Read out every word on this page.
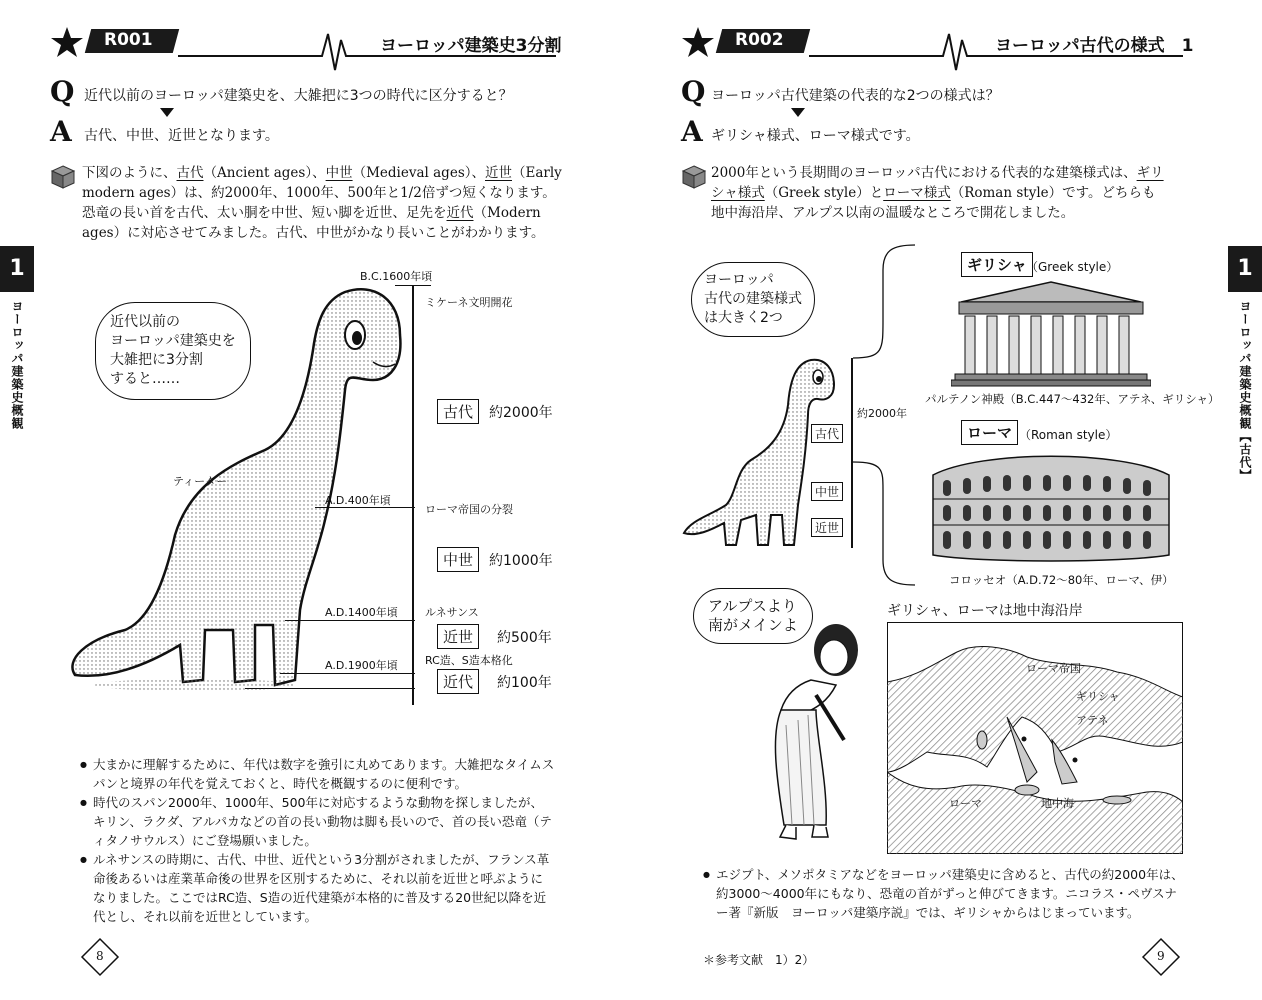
R001	ヨーロッパ建築史3分割
Q 近代以前のヨーロッパ建築史を、大雑把に3つの時代に区分すると？
A 古代、中世、近世となります。
下図のように、古代（Ancient ages）、中世（Medieval ages）、近世（Early
modern ages）は、約2000年、1000年、500年と1/2倍ずつ短くなります。
恐竜の長い首を古代、太い胴を中世、短い脚を近世、足先を近代（Modern
ages）に対応させてみました。古代、中世がかなり長いことがわかります。
近代以前の
ヨーロッパ建築史を
大雑把に3分割
すると……
ティーター
B.C.1600年頃
ミケーネ文明開花
古代	約2000年
A.D.400年頃
ローマ帝国の分裂
中世	約1000年
A.D.1400年頃 ルネサンス
近世	約500年
A.D.1900年頃 RC造、S造本格化
近代	約100年
● 大まかに理解するために、年代は数字を強引に丸めてあります。大雑把なタイムスパンと境界の年代を覚えておくと、時代を概観するのに便利です。
● 時代のスパン2000年、1000年、500年に対応するような動物を探しましたが、キリン、ラクダ、アルパカなどの首の長い動物は脚も長いので、首の長い恐竜（ティタノサウルス）にご登場願いました。
● ルネサンスの時期に、古代、中世、近代という3分割がされましたが、フランス革命後あるいは産業革命後の世界を区別するために、それ以前を近世と呼ぶようになりました。ここではRC造、S造の近代建築が本格的に普及する20世紀以降を近代とし、それ以前を近世としています。
8
1
ヨーロッパ建築史概観
R002	ヨーロッパ古代の様式　1
Q ヨーロッパ古代建築の代表的な2つの様式は？
A ギリシャ様式、ローマ様式です。
2000年という長期間のヨーロッパ古代における代表的な建築様式は、ギリ
シャ様式（Greek style）とローマ様式（Roman style）です。どちらも
地中海沿岸、アルプス以南の温暖なところで開花しました。
ヨーロッパ
古代の建築様式
は大きく2つ
古代
約2000年
中世
近世
ギリシャ （Greek style）
パルテノン神殿（B.C.447～432年、アテネ、ギリシャ）
ローマ （Roman style）
コロッセオ（A.D.72～80年、ローマ、伊）
アルプスより
南がメインよ
ギリシャ、ローマは地中海沿岸
ローマ帝国
ギリシャ
アテネ
ローマ	地中海
● エジプト、メソポタミアなどをヨーロッパ建築史に含めると、古代の約2000年は、約3000～4000年にもなり、恐竜の首がずっと伸びてきます。ニコラス・ペヴスナー著『新版　ヨーロッパ建築序説』では、ギリシャからはじまっています。
＊参考文献　1）2）	9
1
ヨーロッパ建築史概観【古代】
